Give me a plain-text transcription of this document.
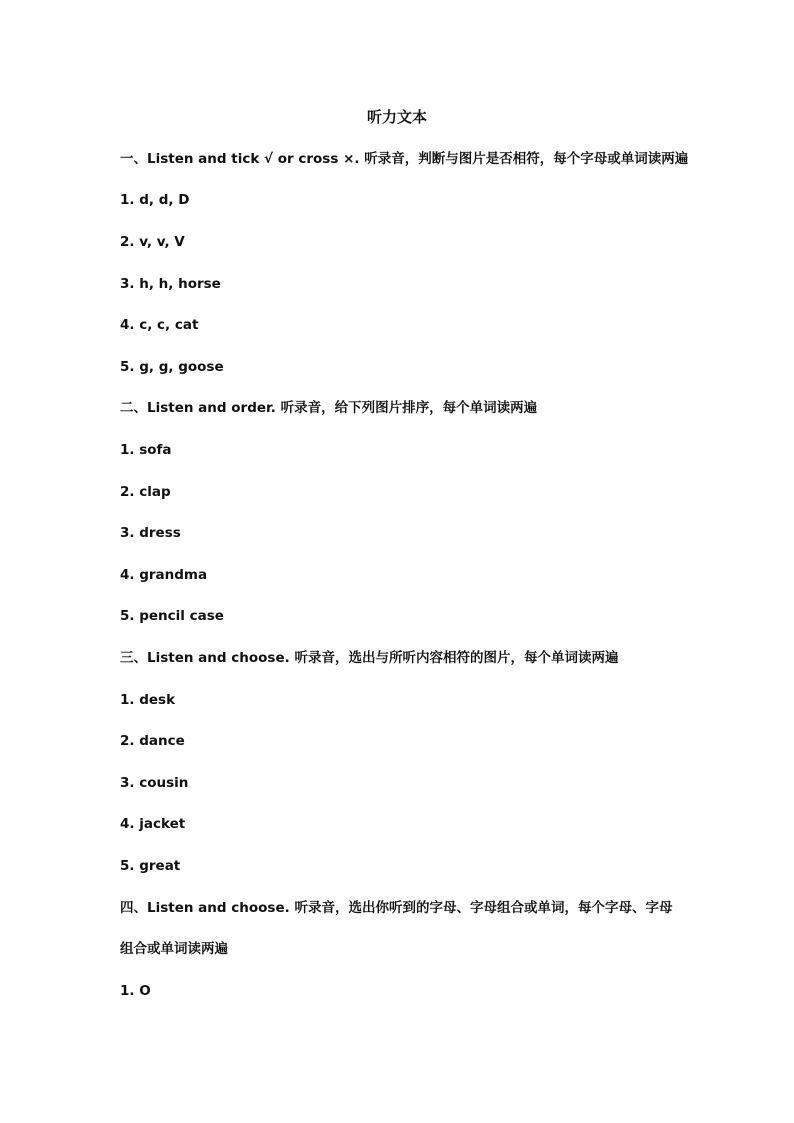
听力文本
一、Listen and tick √ or cross ×. 听录音，判断与图片是否相符，每个字母或单词读两遍
1. d, d, D
2. v, v, V
3. h, h, horse
4. c, c, cat
5. g, g, goose
二、Listen and order. 听录音，给下列图片排序，每个单词读两遍
1. sofa
2. clap
3. dress
4. grandma
5. pencil case
三、Listen and choose. 听录音，选出与所听内容相符的图片，每个单词读两遍
1. desk
2. dance
3. cousin
4. jacket
5. great
四、Listen and choose. 听录音，选出你听到的字母、字母组合或单词，每个字母、字母
组合或单词读两遍
1. O
